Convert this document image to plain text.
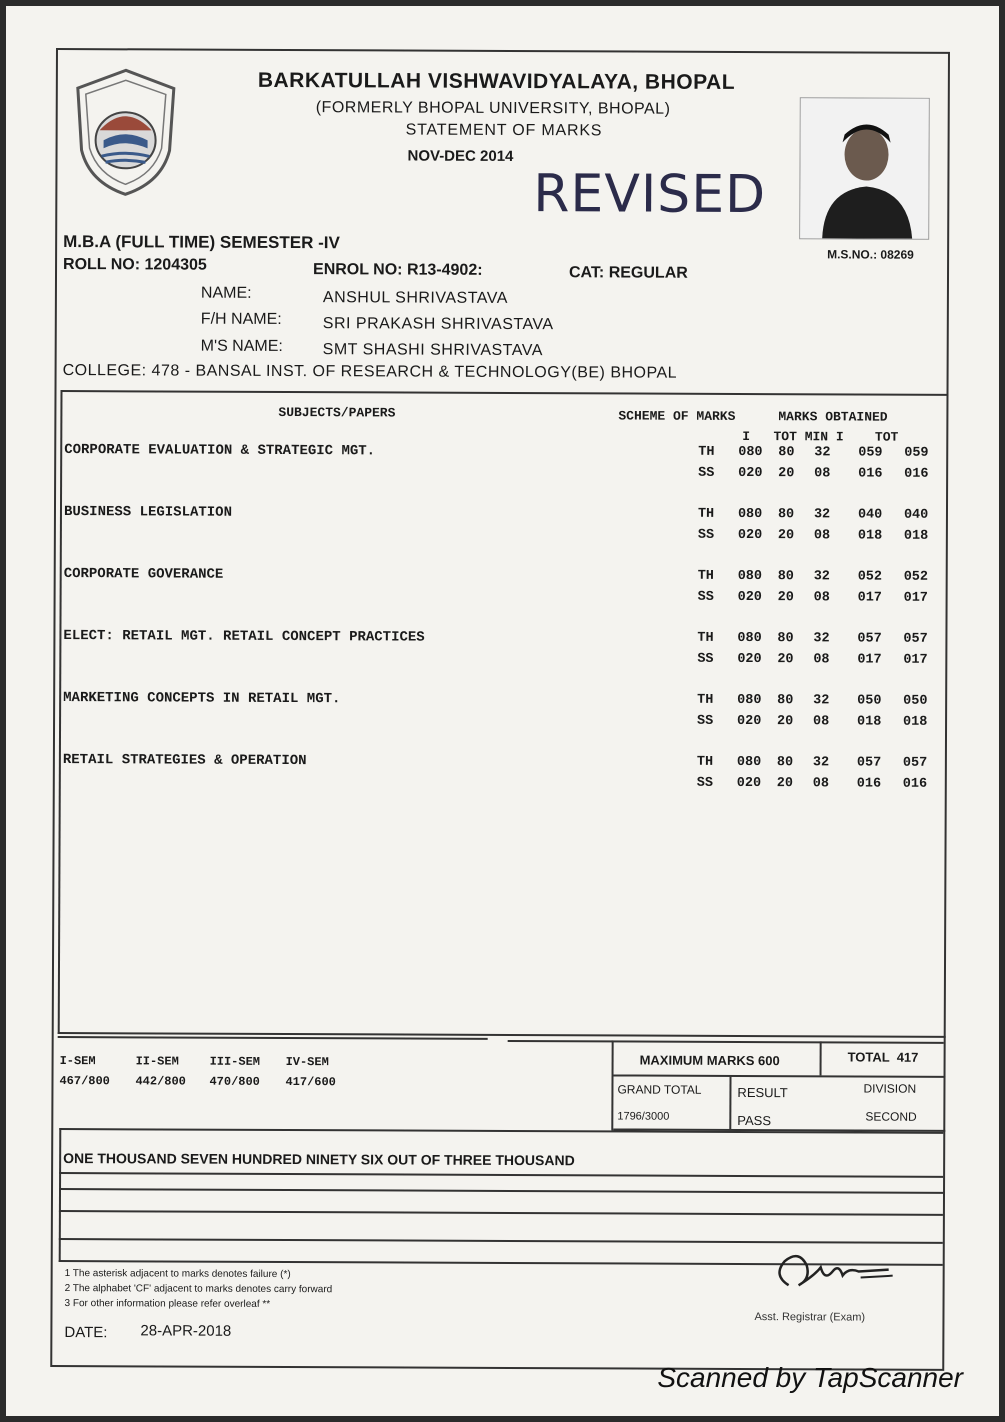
BARKATULLAH VISHWAVIDYALAYA, BHOPAL
(FORMERLY BHOPAL UNIVERSITY, BHOPAL)
STATEMENT OF MARKS
NOV-DEC 2014
REVISED
M.S.NO.: 08269
M.B.A (FULL TIME) SEMESTER -IV
ROLL NO: 1204305	ENROL NO: R13-4902:	CAT: REGULAR
NAME:	ANSHUL SHRIVASTAVA
F/H NAME:	SRI PRAKASH SHRIVASTAVA
M'S NAME: SMT SHASHI SHRIVASTAVA
COLLEGE: 478 - BANSAL INST. OF RESEARCH & TECHNOLOGY(BE) BHOPAL
SUBJECTS/PAPERS	SCHEME OF MARKS	MARKS OBTAINED
I   TOT MIN I    TOT
CORPORATE EVALUATION & STRATEGIC MGT.	TH 080 80 32 059 059
SS 020 20 08 016 016
BUSINESS LEGISLATION	TH 080 80 32 040 040
SS 020 20 08 018 018
CORPORATE GOVERANCE	TH 080 80 32 052 052
SS 020 20 08 017 017
ELECT: RETAIL MGT. RETAIL CONCEPT PRACTICES	TH 080 80 32 057 057
SS 020 20 08 017 017
MARKETING CONCEPTS IN RETAIL MGT.	TH 080 80 32 050 050
SS 020 20 08 018 018
RETAIL STRATEGIES & OPERATION	TH 080 80 32 057 057
SS 020 20 08 016 016
I-SEM
467/800
II-SEM
442/800
III-SEM
470/800
IV-SEM
417/600
MAXIMUM MARKS 600	TOTAL  417
GRAND TOTAL
1796/3000
RESULT
PASS
DIVISION
SECOND
ONE THOUSAND SEVEN HUNDRED NINETY SIX OUT OF THREE THOUSAND
1 The asterisk adjacent to marks denotes failure (*)
2 The alphabet 'CF' adjacent to marks denotes carry forward
3 For other information please refer overleaf **
DATE: 28-APR-2018
Asst. Registrar (Exam)
Scanned by TapScanner
